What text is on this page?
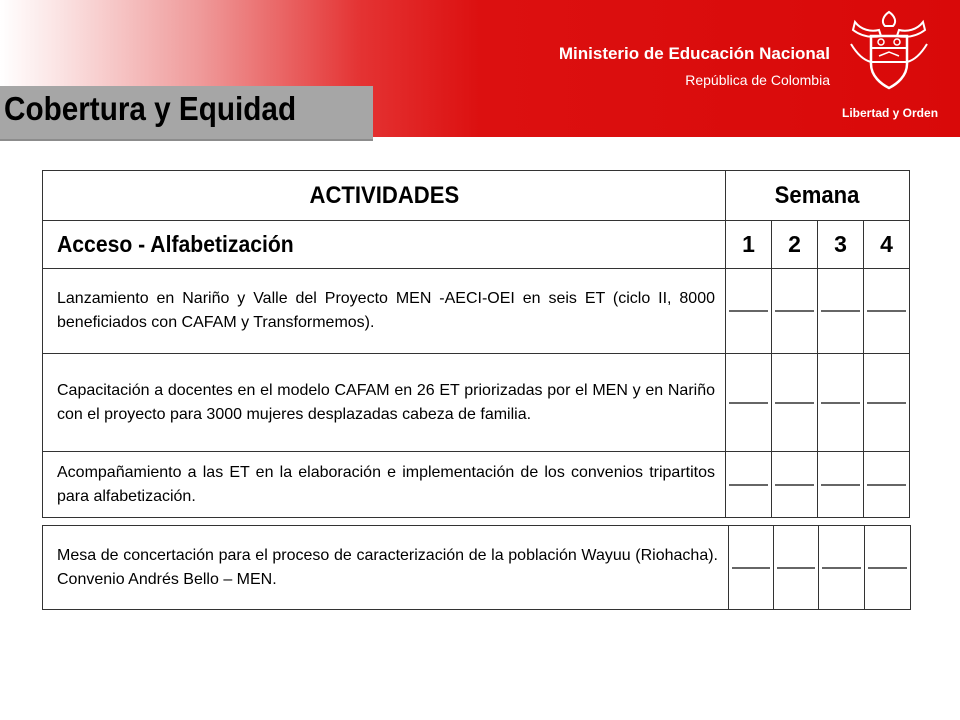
Ministerio de Educación Nacional
República de Colombia
Libertad y Orden
Cobertura y Equidad
ACTIVIDADES	Semana			
Acceso - Alfabetización	1	2	3	4
Lanzamiento en Nariño y Valle del Proyecto MEN -AECI-OEI en seis ET (ciclo II, 8000 beneficiados con CAFAM y Transformemos).	

Capacitación a docentes en el modelo CAFAM en 26 ET priorizadas por el MEN y en Nariño con el proyecto para 3000 mujeres desplazadas cabeza de familia.	

Acompañamiento a las ET en la elaboración e implementación de los convenios tripartitos para alfabetización.	

Mesa de concertación para el proceso de caracterización de la población Wayuu (Riohacha). Convenio Andrés Bello – MEN.	
